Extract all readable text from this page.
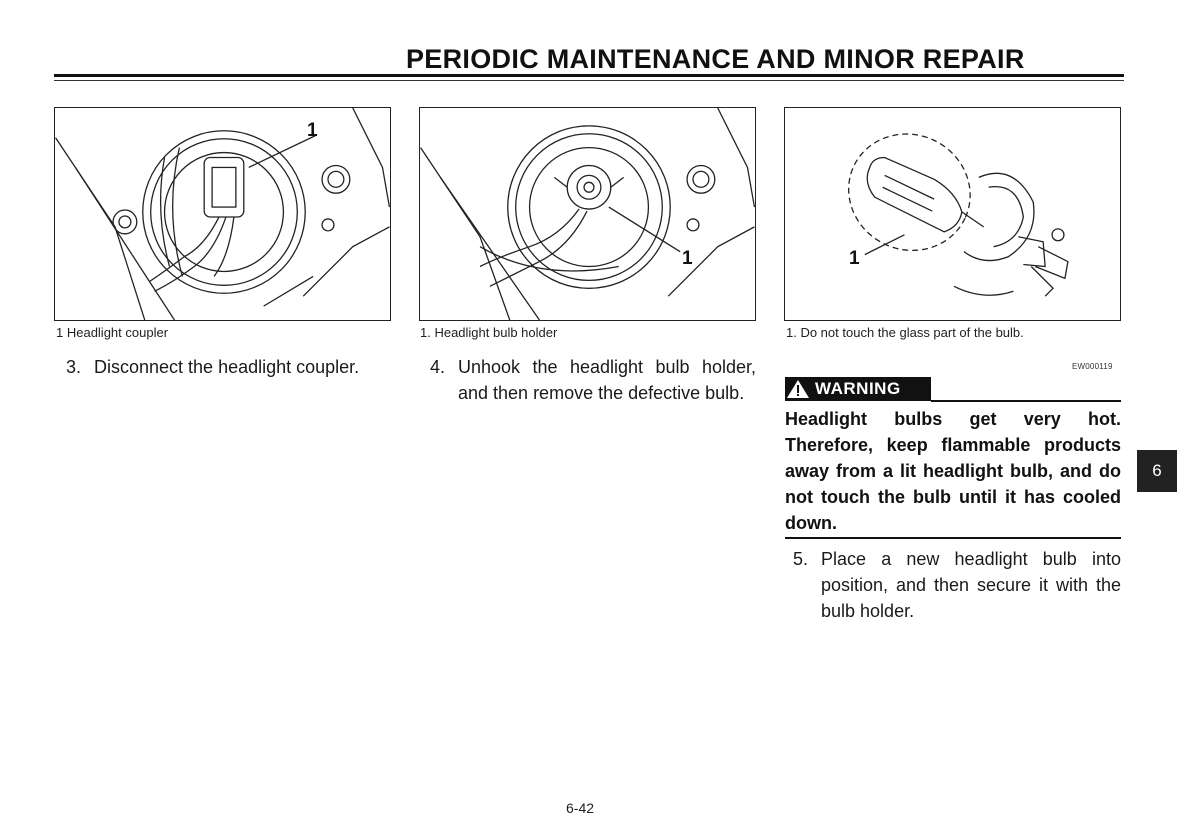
PERIODIC MAINTENANCE AND MINOR REPAIR
1
1	1
1 Headlight coupler	1. Headlight bulb holder	1. Do not touch the glass part of the bulb.
3. Disconnect the headlight coupler.	4. Unhook the headlight bulb holder, and then remove the defective bulb.
EW000119
WARNING
Headlight bulbs get very hot. Therefore, keep flammable products away from a lit headlight bulb, and do not touch the bulb until it has cooled down.
5. Place a new headlight bulb into position, and then secure it with the bulb holder.
6
6-42
